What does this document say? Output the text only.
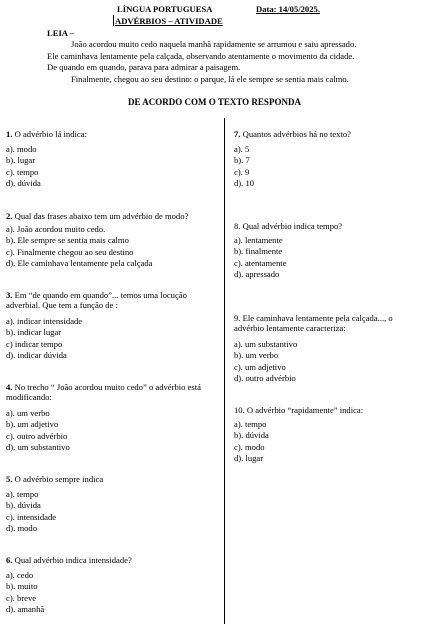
LÍNGUA PORTUGUESA	Data: 14/05/2025.
ADVÉRBIOS – ATIVIDADE
LEIA –
João acordou muito cedo naquela manhã rapidamente se arrumou e saiu apressado.
Ele caminhava lentamente pela calçada, observando atentamente o movimento da cidade.
De quando em quando, parava para admirar a paisagem.
Finalmente, chegou ao seu destino: o parque, lá ele sempre se sentia mais calmo.
DE ACORDO COM O TEXTO RESPONDA

1. O advérbio lá indica:

a). modo
b). lugar
c). tempo
d). dúvida

2. Qual das frases abaixo tem um advérbio de modo?

a). João acordou muito cedo.
b). Ele sempre se sentia mais calmo
c). Finalmente chegou ao seu destino
d). Ele caminhava lentamente pela calçada

3. Em “de quando em quando”... temos uma locução adverbial. Que tem a função de :

a). indicar intensidade
b). indicar lugar
c) indicar tempo
d). indicar dúvida

4. No trecho “ João acordou muito cedo” o advérbio está modificando:

a). um verbo
b). um adjetivo
c). outro advérbio
d). um substantivo

5. O advérbio sempre indica

a). tempo
b). dúvida
c). intensidade
d). modo

6. Qual advérbio indica intensidade?

a). cedo
b). muito
c). breve
d). amanhã

7. Quantos advérbios há no texto?

a). 5
b). 7
c). 9
d). 10

8. Qual advérbio indica tempo?

a). lentamente
b). finalmente
c). atentamente
d). apressado

9. Ele caminhava lentamente pela calçada..., o advérbio lentamente caracteriza:

a). um substantivo
b). um verbo
c). um adjetivo
d). outro advérbio

10. O advérbio “rapidamente” indica:

a). tempo
b). dúvida
c). modo
d). lugar
